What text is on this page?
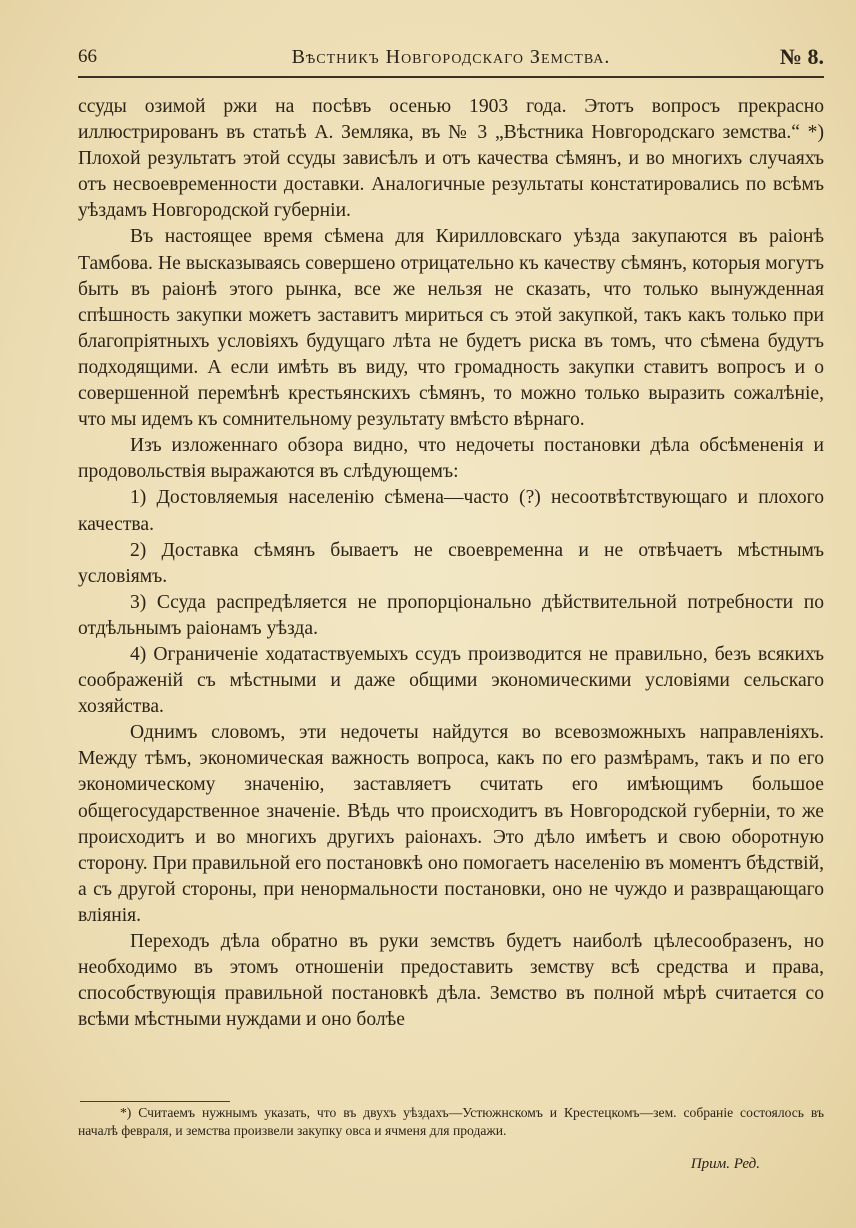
66	Вѣстникъ Новгородскаго Земства.	№ 8.

ссуды озимой ржи на посѣвъ осенью 1903 года. Этотъ вопросъ прекрасно иллюстрированъ въ статьѣ А. Земляка, въ № 3 „Вѣстника Новгородскаго земства.“ *) Плохой результатъ этой ссуды зависѣлъ и отъ качества сѣмянъ, и во многихъ случаяхъ отъ несвоевременности доставки. Аналогичные результаты констатировались по всѣмъ уѣздамъ Новгородской губерніи.

Въ настоящее время сѣмена для Кирилловскаго уѣзда закупаются въ раіонѣ Тамбова. Не высказываясь совершено отрицательно къ качеству сѣмянъ, которыя могутъ быть въ раіонѣ этого рынка, все же нельзя не сказать, что только вынужденная спѣшность закупки можетъ заставитъ мириться съ этой закупкой, такъ какъ только при благопріятныхъ условіяхъ будущаго лѣта не будетъ риска въ томъ, что сѣмена будутъ подходящими. А если имѣть въ виду, что громадность закупки ставитъ вопросъ и о совершенной перемѣнѣ крестьянскихъ сѣмянъ, то можно только выразить сожалѣніе, что мы идемъ къ сомнительному результату вмѣсто вѣрнаго.

Изъ изложеннаго обзора видно, что недочеты постановки дѣла обсѣмененія и продовольствія выражаются въ слѣдующемъ:

1) Достовляемыя населенію сѣмена—часто (?) несоотвѣтствующаго и плохого качества.

2) Доставка сѣмянъ бываетъ не своевременна и не отвѣчаетъ мѣстнымъ условіямъ.

3) Ссуда распредѣляется не пропорціонально дѣйствительной потребности по отдѣльнымъ раіонамъ уѣзда.

4) Ограниченіе ходатаствуемыхъ ссудъ производится не правильно, безъ всякихъ соображеній съ мѣстными и даже общими экономическими условіями сельскаго хозяйства.

Однимъ словомъ, эти недочеты найдутся во всевозможныхъ направленіяхъ. Между тѣмъ, экономическая важность вопроса, какъ по его размѣрамъ, такъ и по его экономическому значенію, заставляетъ считать его имѣющимъ большое общегосударственное значеніе. Вѣдь что происходитъ въ Новгородской губерніи, то же происходитъ и во многихъ другихъ раіонахъ. Это дѣло имѣетъ и свою оборотную сторону. При правильной его постановкѣ оно помогаетъ населенію въ моментъ бѣдствій, а съ другой стороны, при ненормальности постановки, оно не чуждо и развращающаго вліянія.

Переходъ дѣла обратно въ руки земствъ будетъ наиболѣ цѣлесообразенъ, но необходимо въ этомъ отношеніи предоставить земству всѣ средства и права, способствующія правильной постановкѣ дѣла. Земство въ полной мѣрѣ считается со всѣми мѣстными нуждами и оно болѣе

*) Считаемъ нужнымъ указать, что въ двухъ уѣздахъ—Устюжнскомъ и Крестецкомъ—зем. собраніе состоялось въ началѣ февраля, и земства произвели закупку овса и ячменя для продажи.

Прим. Ред.
